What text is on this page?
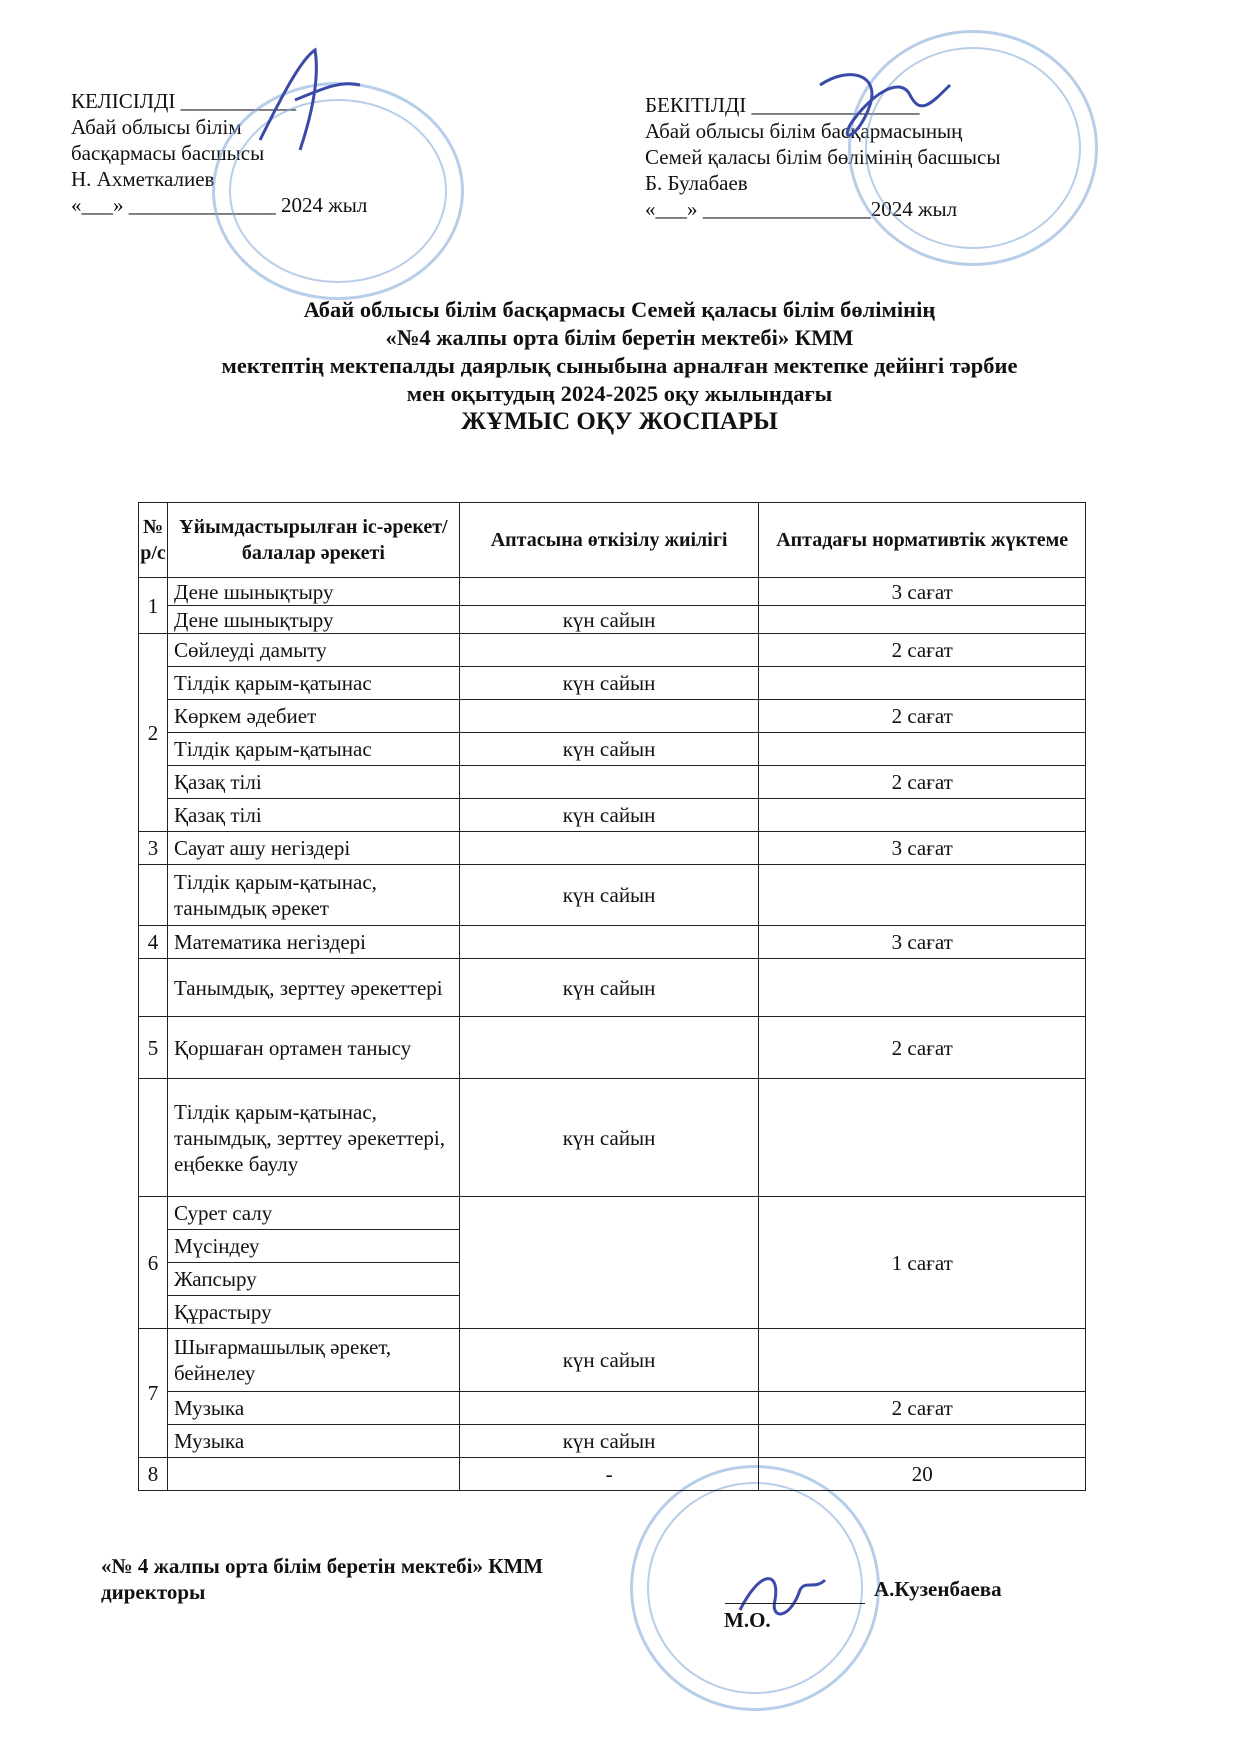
КЕЛІСІЛДІ ___________
Абай облысы білім
басқармасы басшысы
Н. Ахметкалиев
«___» ______________ 2024 жыл
БЕКІТІЛДІ ________________
Абай облысы білім басқармасының
Семей қаласы білім бөлімінің басшысы
Б. Булабаев
«___» ________________2024 жыл
Абай облысы білім басқармасы Семей қаласы білім бөлімінің
«№4 жалпы орта білім беретін мектебі» КММ
мектептің мектепалды даярлық сыныбына арналған мектепке дейінгі тәрбие
мен оқытудың 2024-2025 оқу жылындағы
ЖҰМЫС ОҚУ ЖОСПАРЫ
№ р/с	Ұйымдастырылған іс-әрекет/балалар әрекеті	Аптасына өткізілу жиілігі	Аптадағы нормативтік жүктеме
1	Дене шынықтыру		3 сағат
	Дене шынықтыру	күн сайын	
2	Сөйлеуді дамыту		2 сағат
	Тілдік қарым-қатынас	күн сайын	
	Көркем әдебиет		2 сағат
	Тілдік қарым-қатынас	күн сайын	
	Қазақ тілі		2 сағат
	Қазақ тілі	күн сайын	
3	Сауат ашу негіздері		3 сағат
	Тілдік қарым-қатынас, танымдық әрекет	күн сайын	
4	Математика негіздері		3 сағат
	Танымдық, зерттеу әрекеттері	күн сайын	
5	Қоршаған ортамен танысу		2 сағат
	Тілдік қарым-қатынас, танымдық, зерттеу әрекеттері, еңбекке баулу	күн сайын	
6	Сурет салу		1 сағат
	Мүсіндеу		
	Жапсыру		
	Құрастыру		
7	Шығармашылық әрекет, бейнелеу	күн сайын	
	Музыка		2 сағат
	Музыка	күн сайын	
8		-	20
«№ 4 жалпы орта білім беретін мектебі» КММ
директоры	А.Кузенбаева
М.О.
